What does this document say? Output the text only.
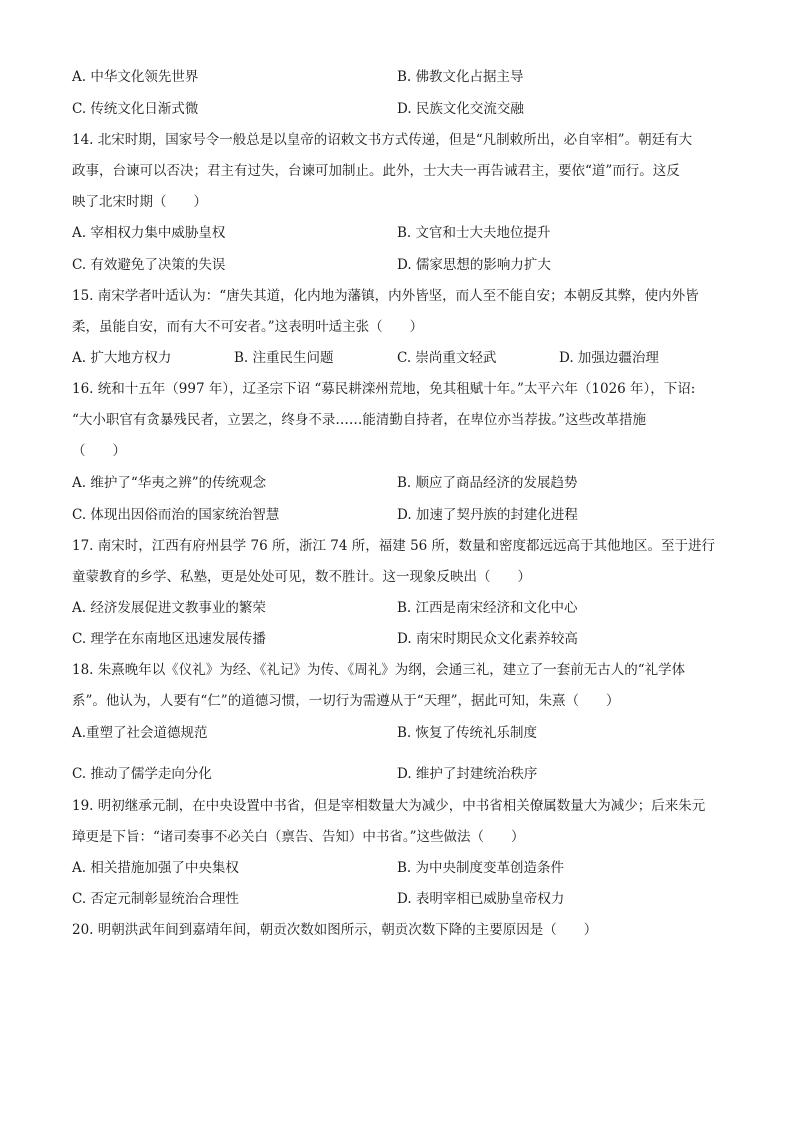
A. 中华文化领先世界	B. 佛教文化占据主导
C. 传统文化日渐式微	D. 民族文化交流交融
14. 北宋时期，国家号令一般总是以皇帝的诏敕文书方式传递，但是“凡制敕所出，必自宰相”。朝廷有大
政事，台谏可以否决；君主有过失，台谏可加制止。此外，士大夫一再告诫君主，要依“道”而行。这反
映了北宋时期（　　）
A. 宰相权力集中威胁皇权	B. 文官和士大夫地位提升
C. 有效避免了决策的失误	D. 儒家思想的影响力扩大
15. 南宋学者叶适认为：“唐失其道，化内地为藩镇，内外皆坚，而人至不能自安；本朝反其弊，使内外皆
柔，虽能自安，而有大不可安者。”这表明叶适主张（　　）
A. 扩大地方权力	B. 注重民生问题	C. 崇尚重文轻武	D. 加强边疆治理
16. 统和十五年（997 年），辽圣宗下诏 “募民耕滦州荒地，免其租赋十年。”太平六年（1026 年），下诏:
“大小职官有贪暴残民者，立罢之，终身不录……能清勤自持者，在卑位亦当荐拔。”这些改革措施
（　　）
A. 维护了“华夷之辨”的传统观念	B. 顺应了商品经济的发展趋势
C. 体现出因俗而治的国家统治智慧	D. 加速了契丹族的封建化进程
17. 南宋时，江西有府州县学 76 所，浙江 74 所，福建 56 所，数量和密度都远远高于其他地区。至于进行
童蒙教育的乡学、私塾，更是处处可见，数不胜计。这一现象反映出（　　）
A. 经济发展促进文教事业的繁荣	B. 江西是南宋经济和文化中心
C. 理学在东南地区迅速发展传播	D. 南宋时期民众文化素养较高
18. 朱熹晚年以《仪礼》为经、《礼记》为传、《周礼》为纲，会通三礼，建立了一套前无古人的“礼学体
系”。他认为，人要有“仁”的道德习惯，一切行为需遵从于“天理”，据此可知，朱熹（　　）
A.重塑了社会道德规范	B. 恢复了传统礼乐制度
C. 推动了儒学走向分化	D. 维护了封建统治秩序
19. 明初继承元制，在中央设置中书省，但是宰相数量大为减少，中书省相关僚属数量大为减少；后来朱元
璋更是下旨：“诸司奏事不必关白（禀告、告知）中书省。”这些做法（　　）
A. 相关措施加强了中央集权	B. 为中央制度变革创造条件
C. 否定元制彰显统治合理性	D. 表明宰相已威胁皇帝权力
20. 明朝洪武年间到嘉靖年间，朝贡次数如图所示，朝贡次数下降的主要原因是（　　）
